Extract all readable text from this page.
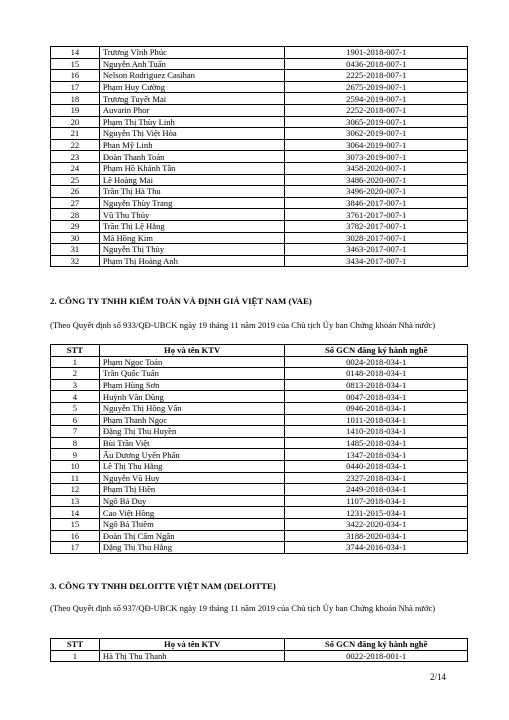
14	Trương Vĩnh Phúc	1901-2018-007-1
15	Nguyễn Anh Tuấn	0436-2018-007-1
16	Nelson Rodriguez Casihan	2225-2018-007-1
17	Phạm Huy Cường	2675-2019-007-1
18	Trương Tuyết Mai	2594-2019-007-1
19	Auvarin Phor	2252-2018-007-1
20	Phạm Thị Thùy Linh	3065-2019-007-1
21	Nguyễn Thị Việt Hòa	3062-2019-007-1
22	Phan Mỹ Linh	3064-2019-007-1
23	Đoàn Thanh Toàn	3073-2019-007-1
24	Phạm Hồ Khánh Tân	3458-2020-007-1
25	Lê Hoàng Mai	3486-2020-007-1
26	Trần Thị Hà Thu	3496-2020-007-1
27	Nguyễn Thùy Trang	3846-2017-007-1
28	Vũ Thu Thủy	3761-2017-007-1
29	Trần Thị Lệ Hằng	3782-2017-007-1
30	Mã Hồng Kim	3028-2017-007-1
31	Nguyễn Thị Thùy	3463-2017-007-1
32	Phạm Thị Hoàng Anh	3434-2017-007-1
2. CÔNG TY TNHH KIỂM TOÁN VÀ ĐỊNH GIÁ VIỆT NAM (VAE)
(Theo Quyết định số 933/QĐ-UBCK ngày 19 tháng 11 năm 2019 của Chủ tịch Ủy ban Chứng khoán Nhà nước)
STT	Họ và tên KTV	Số GCN đăng ký hành nghề
1	Phạm Ngọc Toản	0024-2018-034-1
2	Trần Quốc Tuấn	0148-2018-034-1
3	Phạm Hùng Sơn	0813-2018-034-1
4	Huỳnh Văn Dũng	0047-2018-034-1
5	Nguyễn Thị Hồng Vân	0946-2018-034-1
6	Phạm Thanh Ngọc	1011-2018-034-1
7	Đặng Thị Thu Huyền	1410-2018-034-1
8	Bùi Trần Việt	1485-2018-034-1
9	Âu Dương Uyển Phấn	1347-2018-034-1
10	Lê Thị Thu Hằng	0440-2018-034-1
11	Nguyễn Vũ Huy	2327-2018-034-1
12	Phạm Thị Hiền	2449-2018-034-1
13	Ngô Bá Duy	1107-2018-034-1
14	Cao Việt Hồng	1231-2015-034-1
15	Ngô Bá Thiêm	3422-2020-034-1
16	Đoàn Thị Cẩm Ngân	3188-2020-034-1
17	Đặng Thị Thu Hằng	3744-2016-034-1
3. CÔNG TY TNHH DELOITTE VIỆT NAM (DELOITTE)
(Theo Quyết định số 937/QĐ-UBCK ngày 19 tháng 11 năm 2019 của Chủ tịch Ủy ban Chứng khoán Nhà nước)
STT	Họ và tên KTV	Số GCN đăng ký hành nghề
1	Hà Thị Thu Thanh	0022-2018-001-1
2/14
